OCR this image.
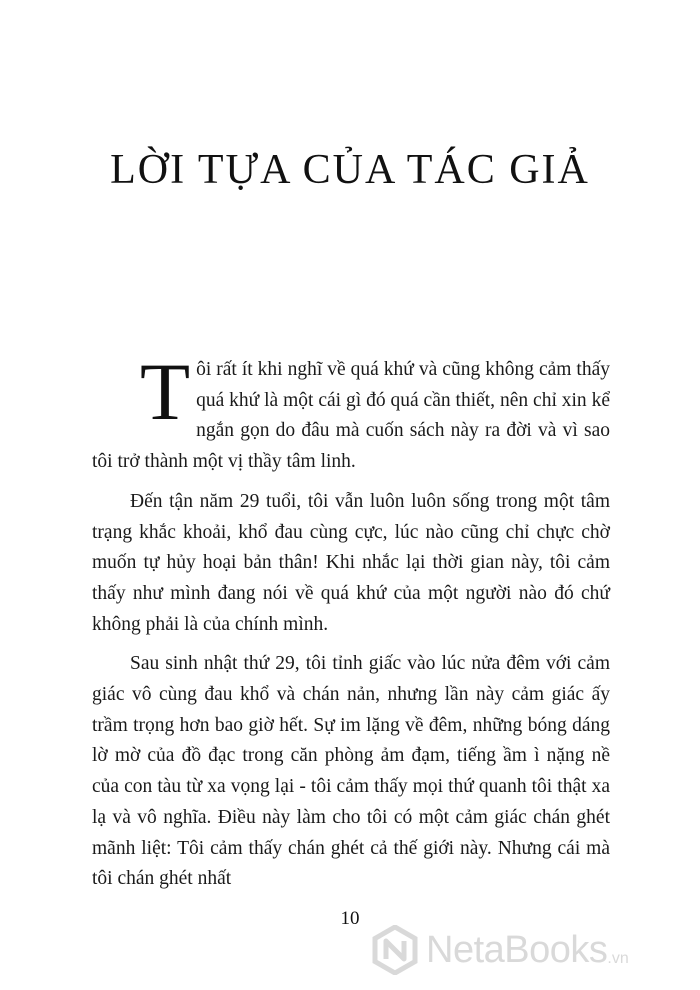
LỜI TỰA CỦA TÁC GIẢ

Tôi rất ít khi nghĩ về quá khứ và cũng không cảm thấy quá khứ là một cái gì đó quá cần thiết, nên chỉ xin kể ngắn gọn do đâu mà cuốn sách này ra đời và vì sao tôi trở thành một vị thầy tâm linh.

Đến tận năm 29 tuổi, tôi vẫn luôn luôn sống trong một tâm trạng khắc khoải, khổ đau cùng cực, lúc nào cũng chỉ chực chờ muốn tự hủy hoại bản thân! Khi nhắc lại thời gian này, tôi cảm thấy như mình đang nói về quá khứ của một người nào đó chứ không phải là của chính mình.

Sau sinh nhật thứ 29, tôi tỉnh giấc vào lúc nửa đêm với cảm giác vô cùng đau khổ và chán nản, nhưng lần này cảm giác ấy trầm trọng hơn bao giờ hết. Sự im lặng về đêm, những bóng dáng lờ mờ của đồ đạc trong căn phòng ảm đạm, tiếng ầm ì nặng nề của con tàu từ xa vọng lại - tôi cảm thấy mọi thứ quanh tôi thật xa lạ và vô nghĩa. Điều này làm cho tôi có một cảm giác chán ghét mãnh liệt: Tôi cảm thấy chán ghét cả thế giới này. Nhưng cái mà tôi chán ghét nhất

10
NetaBooks .vn
